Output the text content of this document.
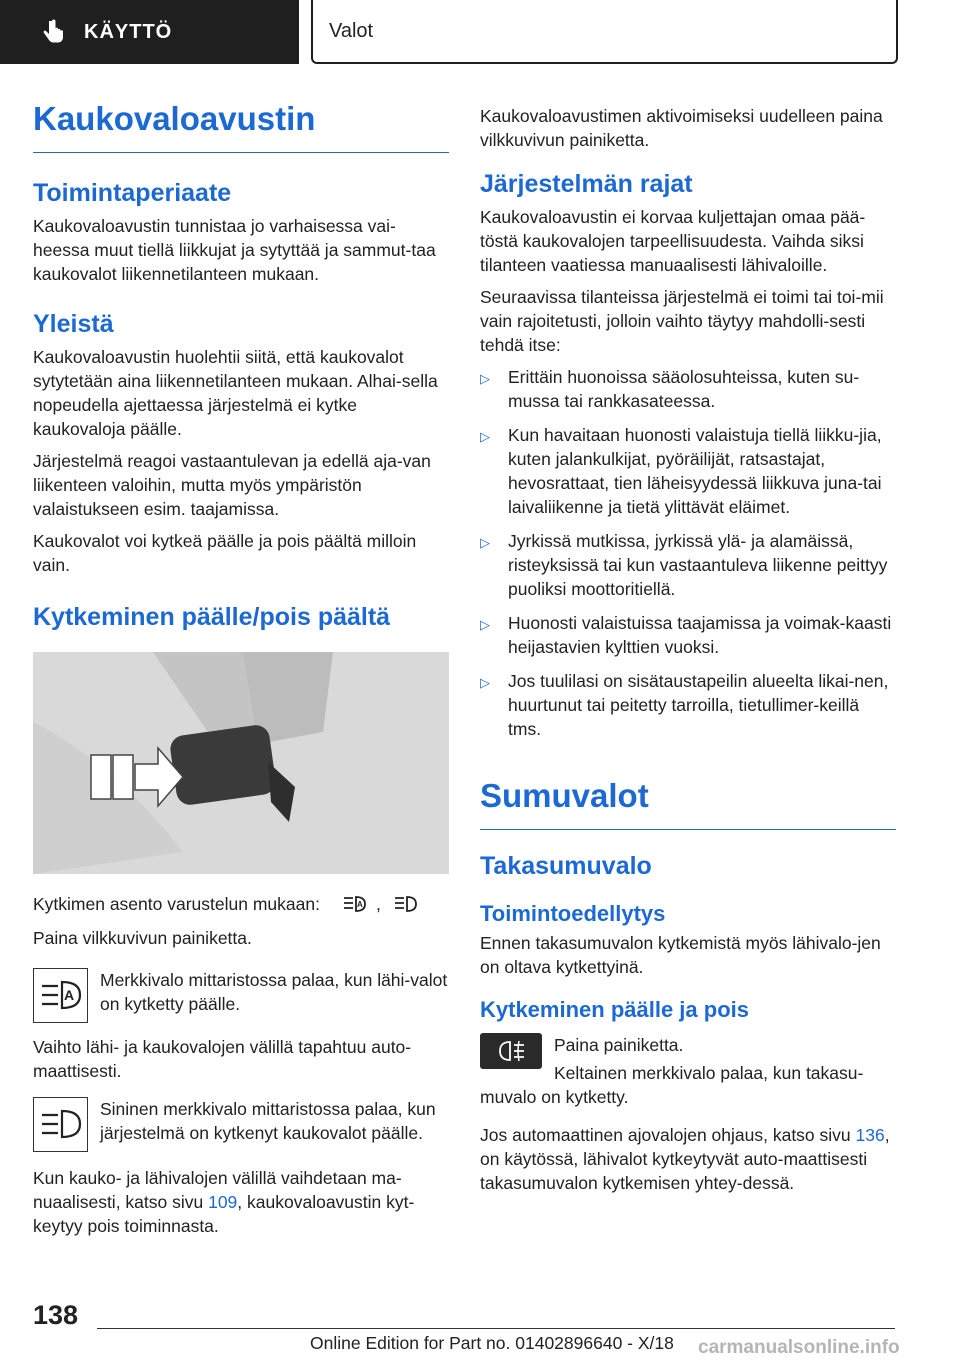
KÄYTTÖ	Valot
Kaukovaloavustin
Toimintaperiaate

Kaukovaloavustin tunnistaa jo varhaisessa vai-heessa muut tiellä liikkujat ja sytyttää ja sammut-taa kaukovalot liikennetilanteen mukaan.

Yleistä

Kaukovaloavustin huolehtii siitä, että kaukovalot sytytetään aina liikennetilanteen mukaan. Alhai-sella nopeudella ajettaessa järjestelmä ei kytke kaukovaloja päälle.

Järjestelmä reagoi vastaantulevan ja edellä aja-van liikenteen valoihin, mutta myös ympäristön valaistukseen esim. taajamissa.

Kaukovalot voi kytkeä päälle ja pois päältä milloin vain.

Kytkeminen päälle/pois päältä
Kytkimen asento varustelun mukaan:	A ,

Paina vilkkuvivun painiketta.

A

Merkkivalo mittaristossa palaa, kun lähi-valot on kytketty päälle.

Vaihto lähi- ja kaukovalojen välillä tapahtuu auto-maattisesti.

Sininen merkkivalo mittaristossa palaa, kun järjestelmä on kytkenyt kaukovalot päälle.

Kun kauko- ja lähivalojen välillä vaihdetaan ma-nuaalisesti, katso sivu 109, kaukovaloavustin kyt-keytyy pois toiminnasta.

Kaukovaloavustimen aktivoimiseksi uudelleen paina vilkkuvivun painiketta.

Järjestelmän rajat

Kaukovaloavustin ei korvaa kuljettajan omaa pää-töstä kaukovalojen tarpeellisuudesta. Vaihda siksi tilanteen vaatiessa manuaalisesti lähivaloille.

Seuraavissa tilanteissa järjestelmä ei toimi tai toi-mii vain rajoitetusti, jolloin vaihto täytyy mahdolli-sesti tehdä itse:

▷	Erittäin huonoissa sääolosuhteissa, kuten su-mussa tai rankkasateessa.
▷	Kun havaitaan huonosti valaistuja tiellä liikku-jia, kuten jalankulkijat, pyöräilijät, ratsastajat, hevosrattaat, tien läheisyydessä liikkuva juna-tai laivaliikenne ja tietä ylittävät eläimet.
▷	Jyrkissä mutkissa, jyrkissä ylä- ja alamäissä, risteyksissä tai kun vastaantuleva liikenne peittyy puoliksi moottoritiellä.
▷	Huonosti valaistuissa taajamissa ja voimak-kaasti heijastavien kylttien vuoksi.
▷	Jos tuulilasi on sisätaustapeilin alueelta likai-nen, huurtunut tai peitetty tarroilla, tietullimer-keillä tms.
Sumuvalot
Takasumuvalo
Toimintoedellytys

Ennen takasumuvalon kytkemistä myös lähivalo-jen on oltava kytkettyinä.

Kytkeminen päälle ja pois

Paina painiketta.

Keltainen merkkivalo palaa, kun takasu-muvalo on kytketty.

Jos automaattinen ajovalojen ohjaus, katso sivu 136, on käytössä, lähivalot kytkeytyvät auto-maattisesti takasumuvalon kytkemisen yhtey-dessä.

138
Online Edition for Part no. 01402896640 - X/18 carmanualsonline.info
